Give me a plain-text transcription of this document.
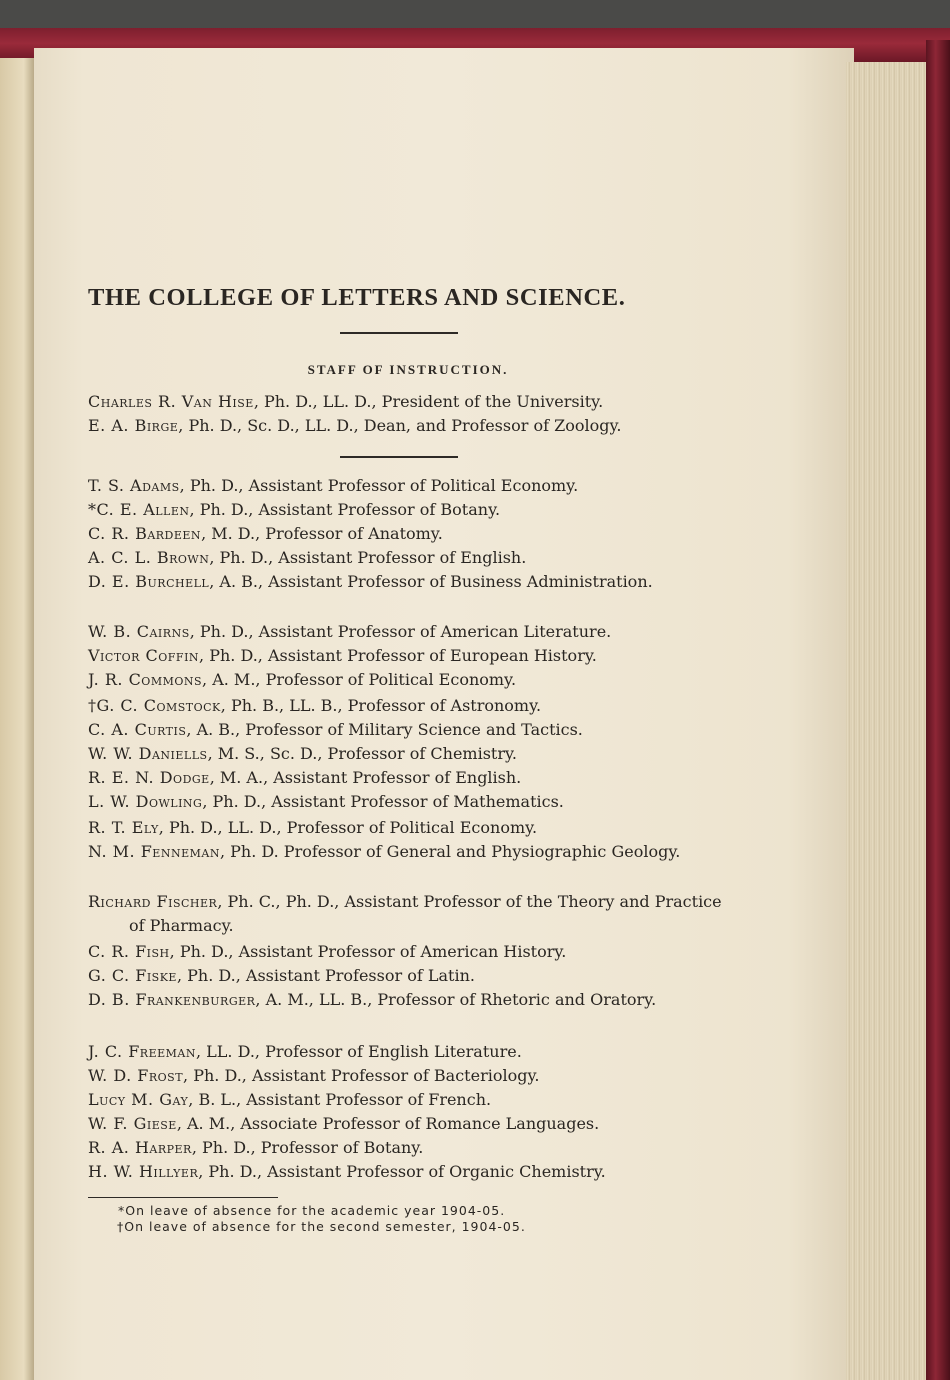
THE COLLEGE OF LETTERS AND SCIENCE.
STAFF OF INSTRUCTION.
Charles R. Van Hise, Ph. D., LL. D., President of the University.
E. A. Birge, Ph. D., Sc. D., LL. D., Dean, and Professor of Zoology.
T. S. Adams, Ph. D., Assistant Professor of Political Economy.
*C. E. Allen, Ph. D., Assistant Professor of Botany.
C. R. Bardeen, M. D., Professor of Anatomy.
A. C. L. Brown, Ph. D., Assistant Professor of English.
D. E. Burchell, A. B., Assistant Professor of Business Administration.
W. B. Cairns, Ph. D., Assistant Professor of American Literature.
Victor Coffin, Ph. D., Assistant Professor of European History.
J. R. Commons, A. M., Professor of Political Economy.
†G. C. Comstock, Ph. B., LL. B., Professor of Astronomy.
C. A. Curtis, A. B., Professor of Military Science and Tactics.
W. W. Daniells, M. S., Sc. D., Professor of Chemistry.
R. E. N. Dodge, M. A., Assistant Professor of English.
L. W. Dowling, Ph. D., Assistant Professor of Mathematics.
R. T. Ely, Ph. D., LL. D., Professor of Political Economy.
N. M. Fenneman, Ph. D. Professor of General and Physiographic Geology.
Richard Fischer, Ph. C., Ph. D., Assistant Professor of the Theory and Practice of Pharmacy.
C. R. Fish, Ph. D., Assistant Professor of American History.
G. C. Fiske, Ph. D., Assistant Professor of Latin.
D. B. Frankenburger, A. M., LL. B., Professor of Rhetoric and Oratory.
J. C. Freeman, LL. D., Professor of English Literature.
W. D. Frost, Ph. D., Assistant Professor of Bacteriology.
Lucy M. Gay, B. L., Assistant Professor of French.
W. F. Giese, A. M., Associate Professor of Romance Languages.
R. A. Harper, Ph. D., Professor of Botany.
H. W. Hillyer, Ph. D., Assistant Professor of Organic Chemistry.
*On leave of absence for the academic year 1904-05.
†On leave of absence for the second semester, 1904-05.
